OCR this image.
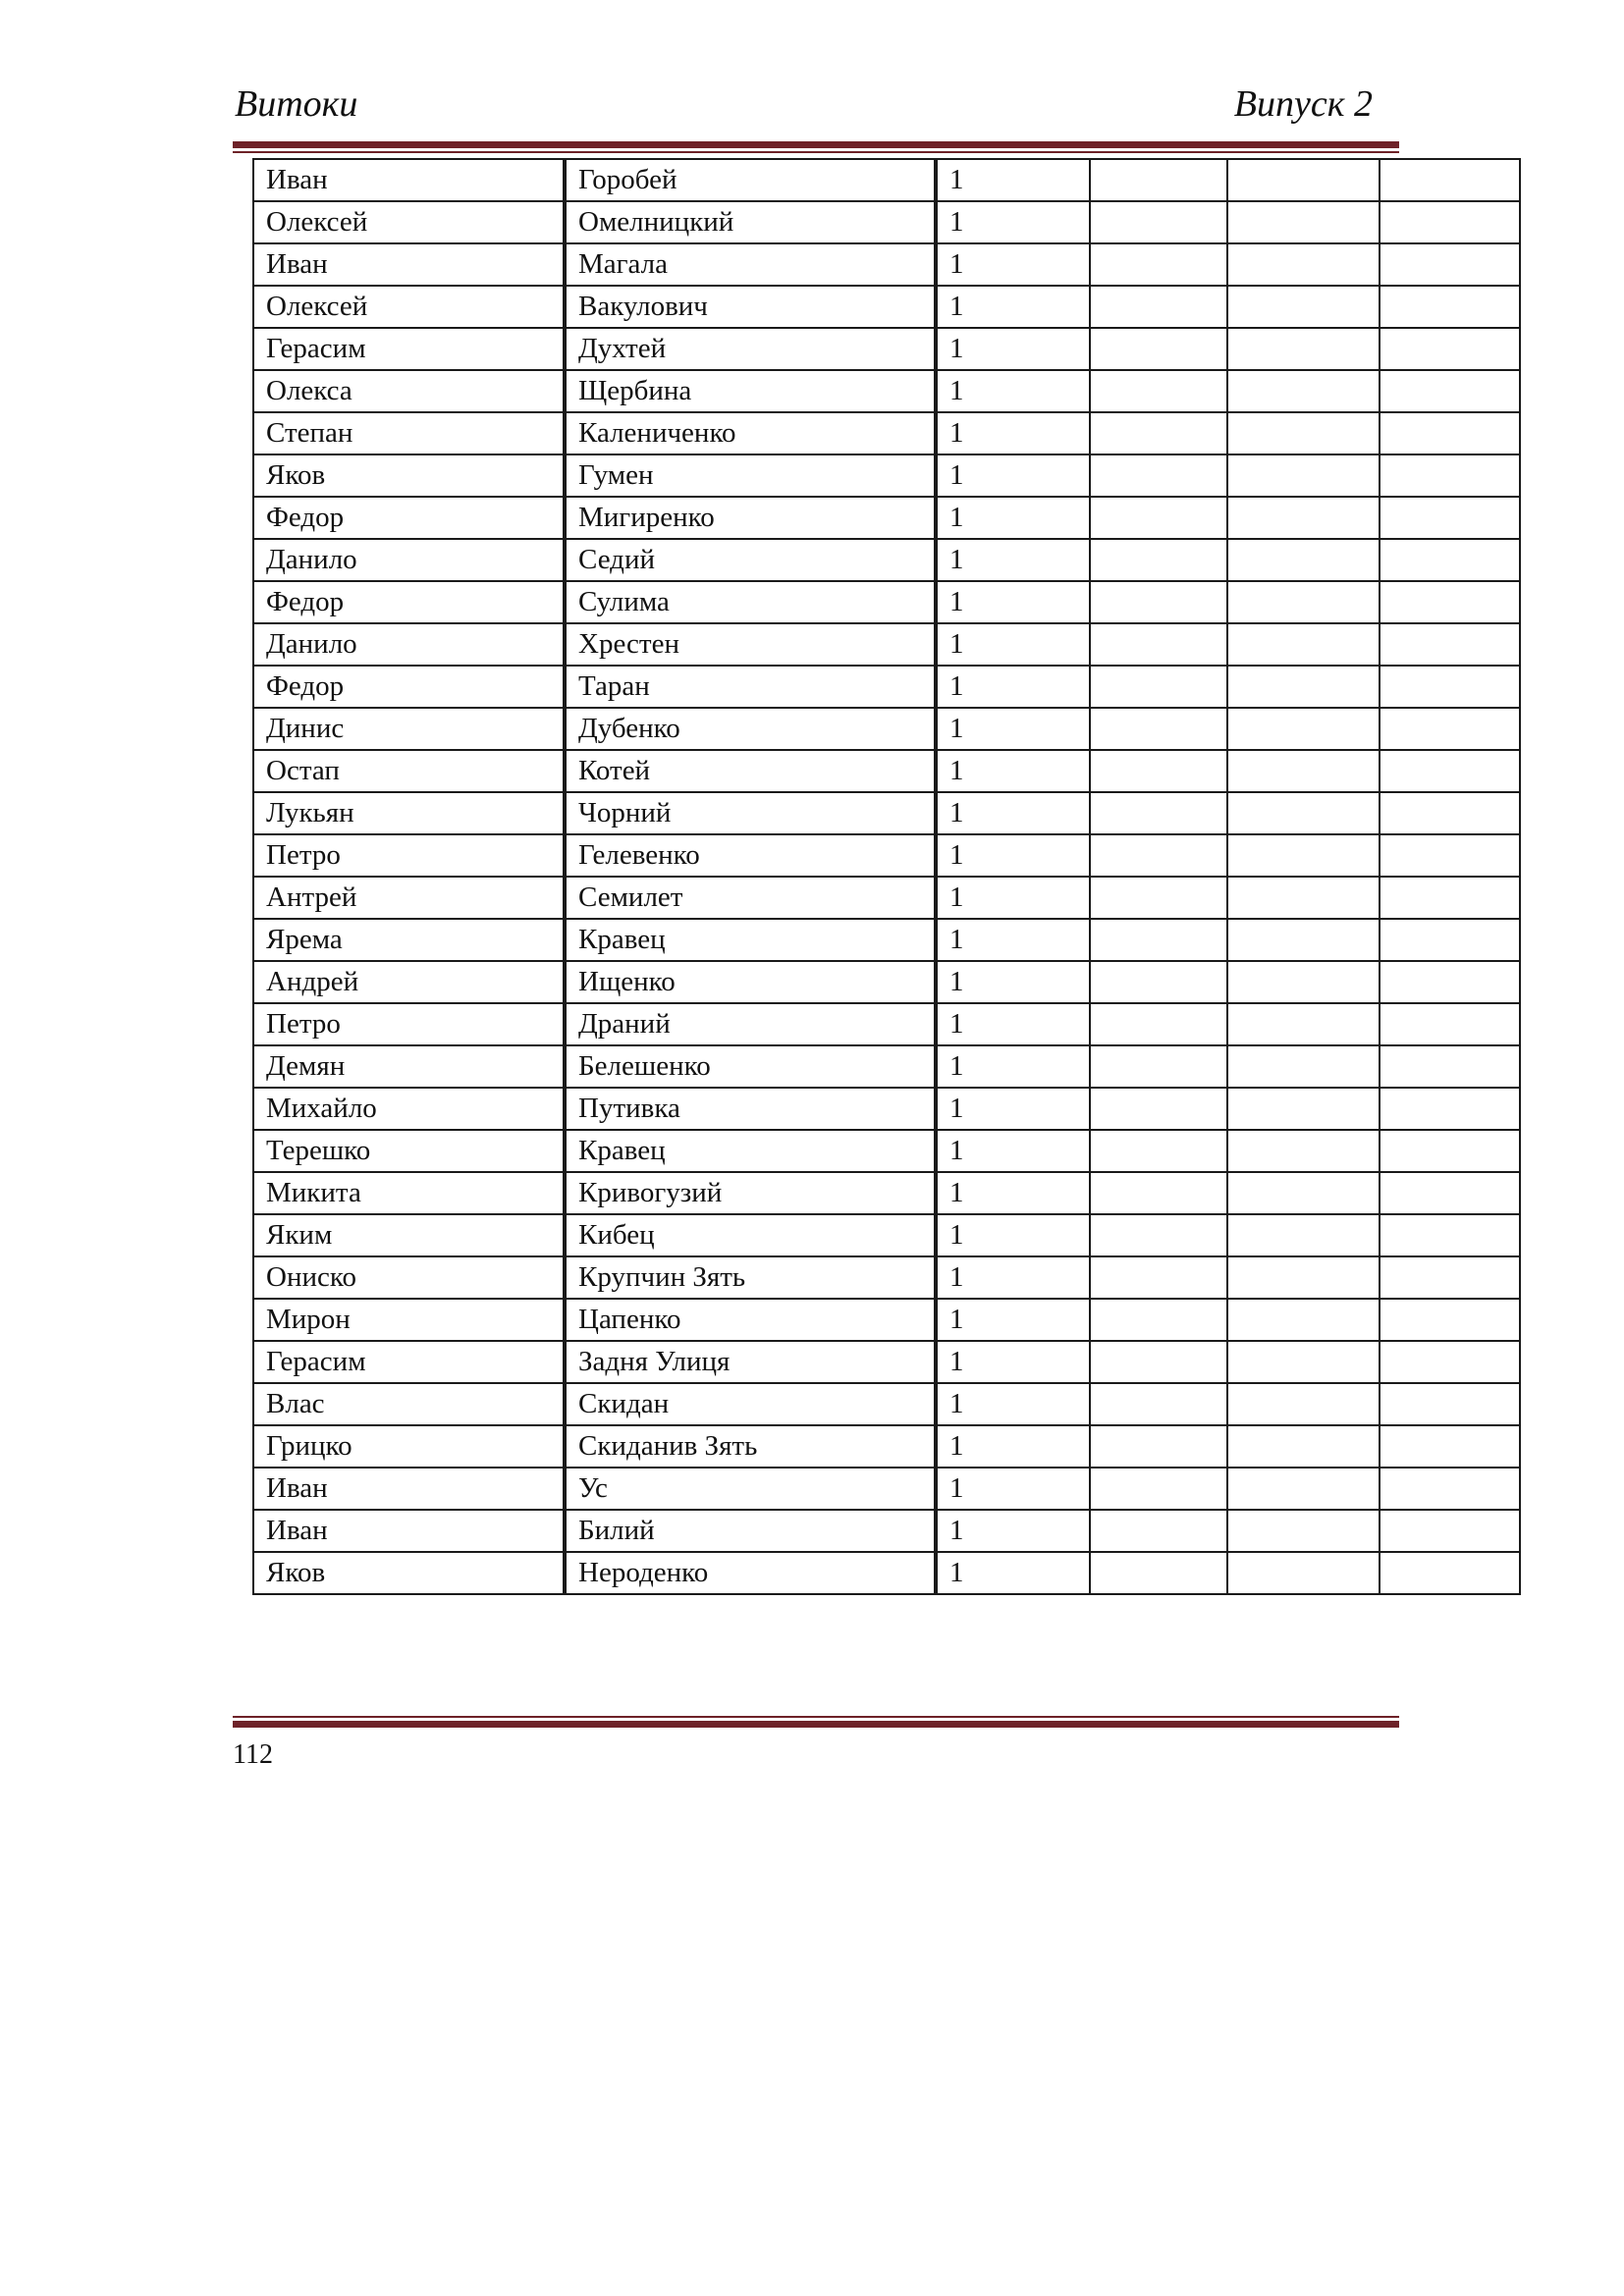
Витоки	Випуск 2
Иван	Горобей	1			
Олексей	Омелницкий	1			
Иван	Магала	1			
Олексей	Вакулович	1			
Герасим	Духтей	1			
Олекса	Щербина	1			
Степан	Калениченко	1			
Яков	Гумен	1			
Федор	Мигиренко	1			
Данило	Седий	1			
Федор	Сулима	1			
Данило	Хрестен	1			
Федор	Таран	1			
Динис	Дубенко	1			
Остап	Котей	1			
Лукьян	Чорний	1			
Петро	Гелевенко	1			
Антрей	Семилет	1			
Ярема	Кравец	1			
Андрей	Ищенко	1			
Петро	Драний	1			
Демян	Белешенко	1			
Михайло	Путивка	1			
Терешко	Кравец	1			
Микита	Кривогузий	1			
Яким	Кибец	1			
Ониско	Крупчин Зять	1			
Мирон	Цапенко	1			
Герасим	Задня Улиця	1			
Влас	Скидан	1			
Грицко	Скиданив Зять	1			
Иван	Ус	1			
Иван	Билий	1			
Яков	Нероденко	1			
112
